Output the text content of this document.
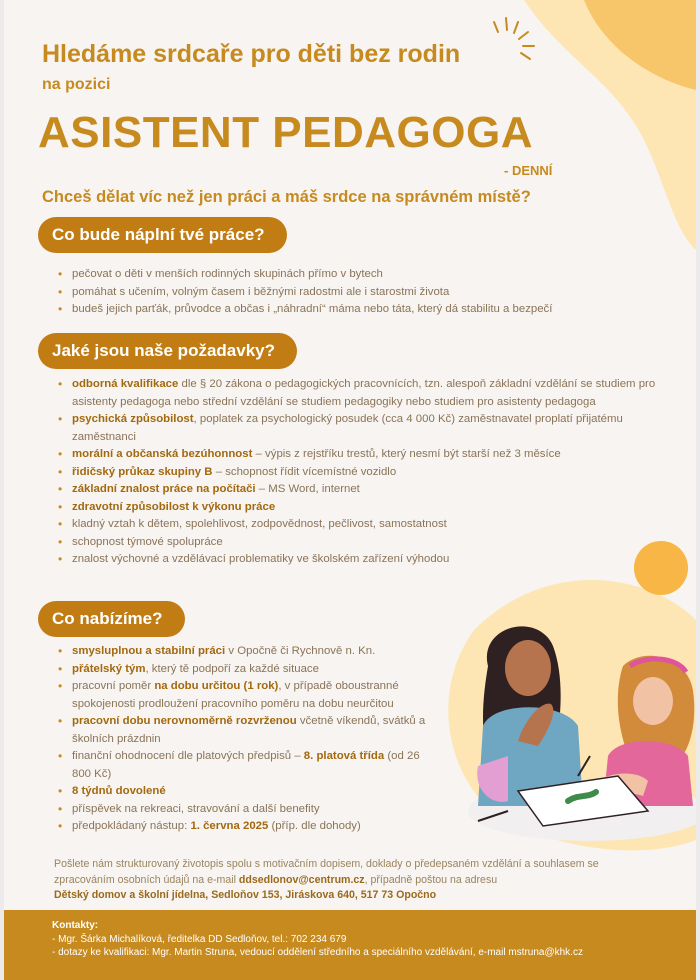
Hledáme srdcaře pro děti bez rodin
na pozici
ASISTENT PEDAGOGA
- DENNÍ
Chceš dělat víc než jen práci a máš srdce na správném místě?
Co bude náplní tvé práce?
• pečovat o děti v menších rodinných skupinách přímo v bytech
• pomáhat s učením, volným časem i běžnými radostmi ale i starostmi života
• budeš jejich parťák, průvodce a občas i „náhradní“ máma nebo táta, který dá stabilitu a bezpečí
Jaké jsou naše požadavky?
• odborná kvalifikace dle § 20 zákona o pedagogických pracovnících, tzn. alespoň základní vzdělání se studiem pro asistenty pedagoga nebo střední vzdělání se studiem pedagogiky nebo studiem pro asistenty pedagoga
• psychická způsobilost, poplatek za psychologický posudek (cca 4 000 Kč) zaměstnavatel proplatí přijatému zaměstnanci
• morální a občanská bezúhonnost – výpis z rejstříku trestů, který nesmí být starší než 3 měsíce
• řidičský průkaz skupiny B – schopnost řídit vícemístné vozidlo
• základní znalost práce na počítači – MS Word, internet
• zdravotní způsobilost k výkonu práce
• kladný vztah k dětem, spolehlivost, zodpovědnost, pečlivost, samostatnost
• schopnost týmové spolupráce
• znalost výchovné a vzdělávací problematiky ve školském zařízení výhodou
Co nabízíme?
• smysluplnou a stabilní práci v Opočně či Rychnově n. Kn.
• přátelský tým, který tě podpoří za každé situace
• pracovní poměr na dobu určitou (1 rok), v případě oboustranné spokojenosti prodloužení pracovního poměru na dobu neurčitou
• pracovní dobu nerovnoměrně rozvrženou včetně víkendů, svátků a školních prázdnin
• finanční ohodnocení dle platových předpisů – 8. platová třída (od 26 800 Kč)
• 8 týdnů dovolené
• příspěvek na rekreaci, stravování a další benefity
• předpokládaný nástup: 1. června 2025 (příp. dle dohody)
Pošlete nám strukturovaný životopis spolu s motivačním dopisem, doklady o předepsaném vzdělání a souhlasem se zpracováním osobních údajů na e-mail ddsedlonov@centrum.cz, případně poštou na adresu
Dětský domov a školní jídelna, Sedloňov 153, Jiráskova 640, 517 73 Opočno
Kontakty:
- Mgr. Šárka Michalíková, ředitelka DD Sedloňov, tel.: 702 234 679
- dotazy ke kvalifikaci: Mgr. Martin Struna, vedoucí oddělení středního a speciálního vzdělávání, e-mail mstruna@khk.cz
